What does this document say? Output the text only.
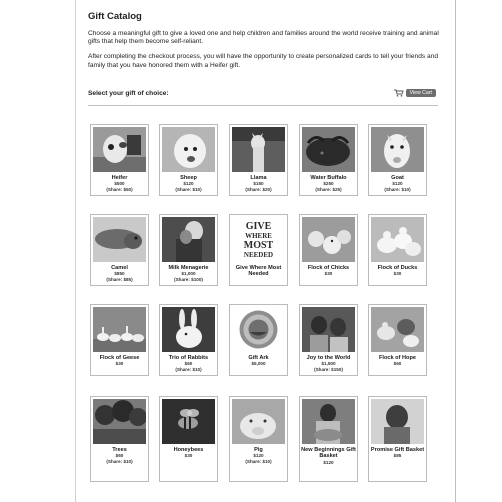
Gift Catalog

Choose a meaningful gift to give a loved one and help children and families around the world receive training and animal gifts that help them become self-reliant.

After completing the checkout process, you will have the opportunity to create personalized cards to tell your friends and family that you have honored them with a Heifer gift.

Select your gift of choice:	View Cart
Heifer
$500
(Share: $50)
Sheep
$120
(Share: $10)
Llama
$150
(Share: $20)
Water Buffalo
$250
(Share: $25)
Goat
$120
(Share: $10)
Camel
$850
(Share: $85)
Milk Menagerie
$1,000
(Share: $100)
GIVE
WHERE
MOST
NEEDED
Give Where Most Needed
Flock of Chicks
$30
Flock of Ducks
$30
Flock of Geese
$30
Trio of Rabbits
$60
(Share: $10)
Gift Ark
$5,000
Joy to the World
$1,500
(Share: $150)
Flock of Hope
$60
Trees
$60
(Share: $10)
Honeybees
$30
Pig
$120
(Share: $10)
New Beginnings Gift Basket
$120
Promise Gift Basket
$85
